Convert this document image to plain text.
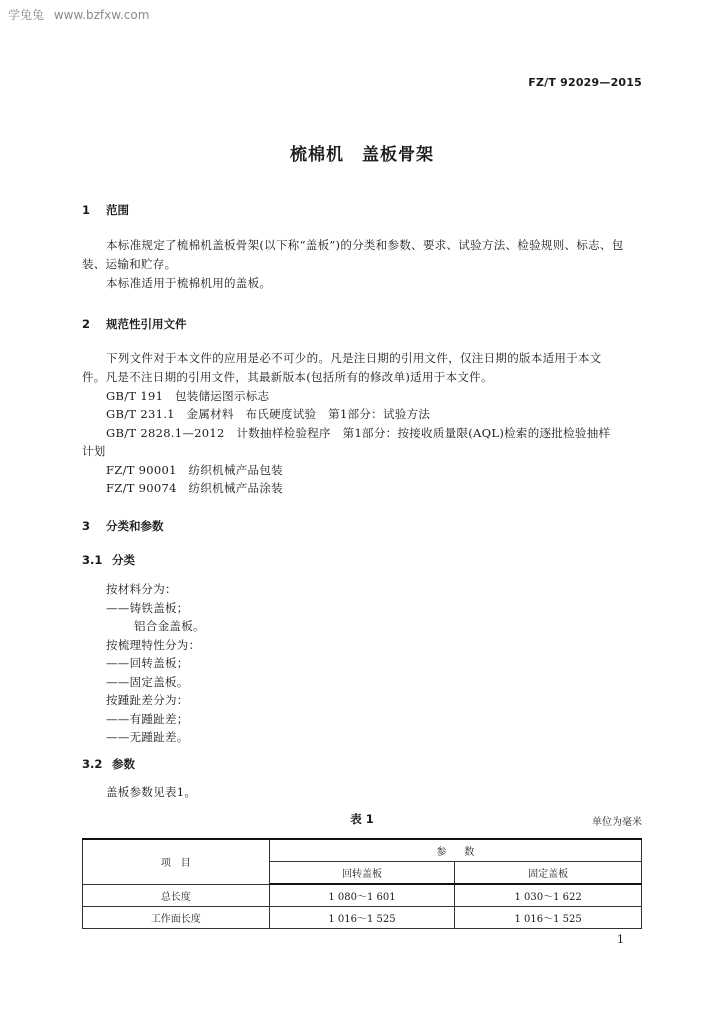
学兔兔 www.bzfxw.com
FZ/T 92029—2015
梳棉机　盖板骨架
1 范围
本标准规定了梳棉机盖板骨架(以下称“盖板”)的分类和参数、要求、试验方法、检验规则、标志、包
装、运输和贮存。
本标准适用于梳棉机用的盖板。
2 规范性引用文件
下列文件对于本文件的应用是必不可少的。凡是注日期的引用文件，仅注日期的版本适用于本文
件。凡是不注日期的引用文件，其最新版本(包括所有的修改单)适用于本文件。
GB/T 191　包装储运图示标志
GB/T 231.1　金属材料　布氏硬度试验　第1部分：试验方法
GB/T 2828.1—2012　计数抽样检验程序　第1部分：按接收质量限(AQL)检索的逐批检验抽样
计划
FZ/T 90001　纺织机械产品包装
FZ/T 90074　纺织机械产品涂装
3 分类和参数
3.1 分类
按材料分为：
——铸铁盖板；
铝合金盖板。
按梳理特性分为：
——回转盖板；
——固定盖板。
按踵趾差分为：
——有踵趾差；
——无踵趾差。
3.2 参数
盖板参数见表1。
表 1	单位为毫米
项　目	参数	
	回转盖板	固定盖板
总长度	1 080～1 601	1 030～1 622
工作面长度	1 016～1 525	1 016～1 525
1
